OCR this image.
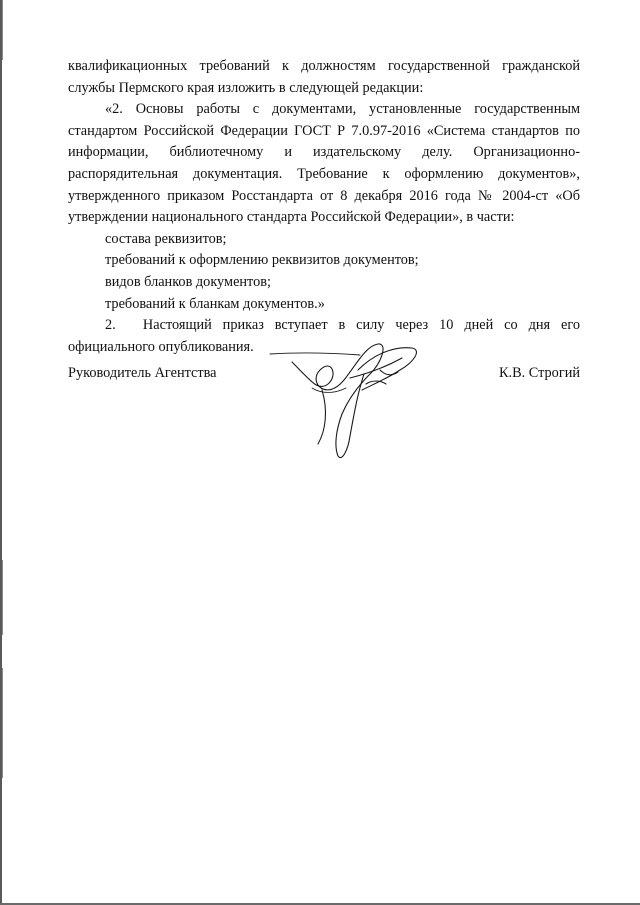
квалификационных требований к должностям государственной гражданской службы Пермского края изложить в следующей редакции:

«2. Основы работы с документами, установленные государственным стандартом Российской Федерации ГОСТ Р 7.0.97-2016 «Система стандартов по информации, библиотечному и издательскому делу. Организационно-распорядительная документация. Требование к оформлению документов», утвержденного приказом Росстандарта от 8 декабря 2016 года № 2004-ст «Об утверждении национального стандарта Российской Федерации», в части:

состава реквизитов;

требований к оформлению реквизитов документов;

видов бланков документов;

требований к бланкам документов.»

2. Настоящий приказ вступает в силу через 10 дней со дня его официального опубликования.

Руководитель Агентства	К.В. Строгий
